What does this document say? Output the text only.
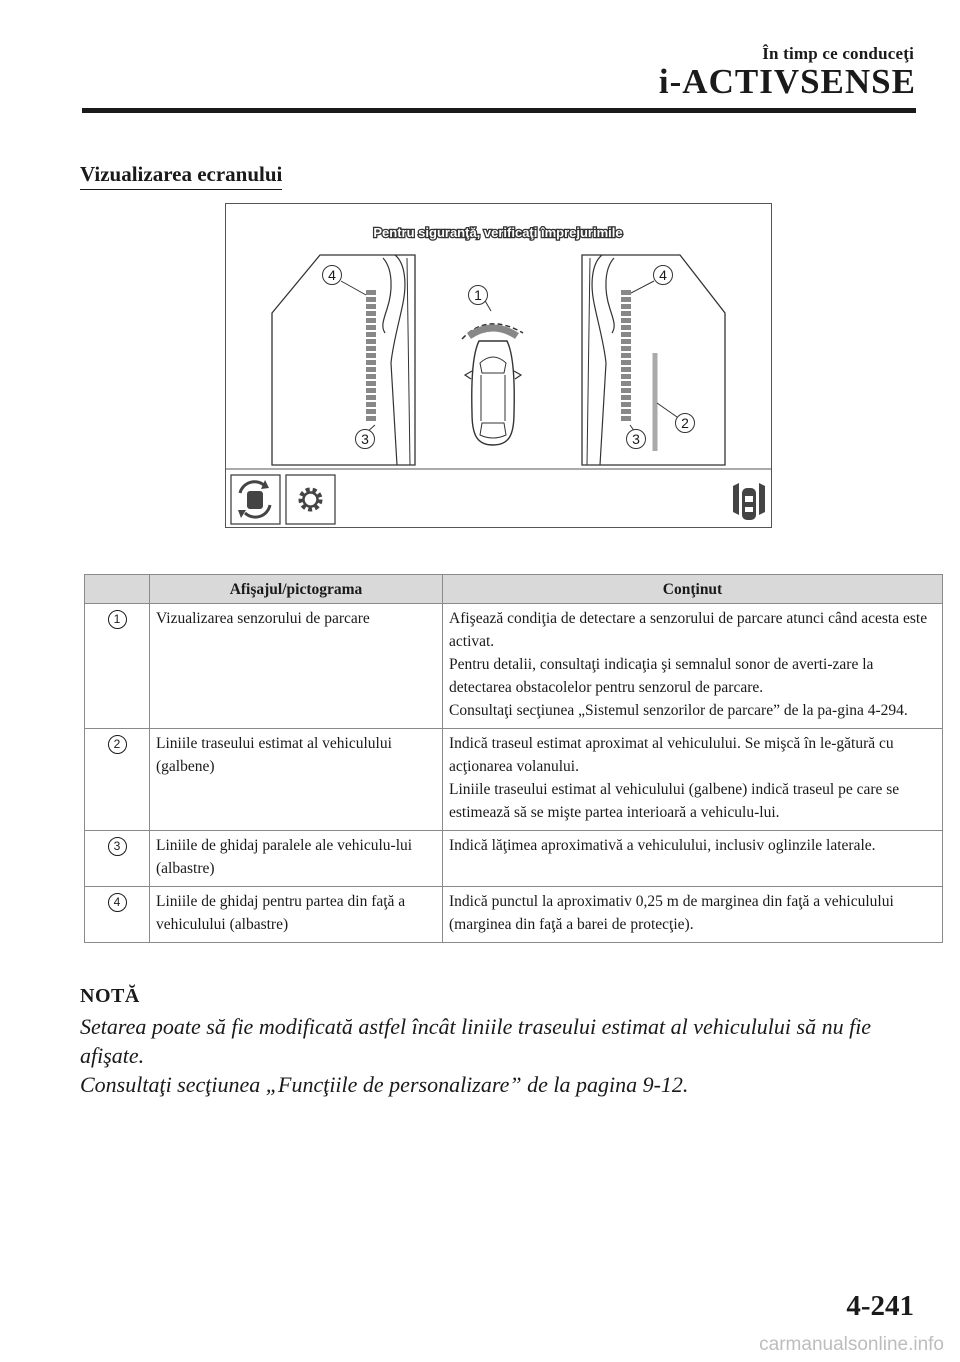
În timp ce conduceţi
i-ACTIVSENSE
Vizualizarea ecranului
Pentru siguranţă, verificaţi împrejurimile
4
3
1
4
2
3
	Afişajul/pictograma	Conţinut
1	Vizualizarea senzorului de parcare	Afişează condiţia de detectare a senzorului de parcare atunci când acesta este activat.
Pentru detalii, consultaţi indicaţia şi semnalul sonor de averti-zare la detectarea obstacolelor pentru senzorul de parcare.
Consultaţi secţiunea „Sistemul senzorilor de parcare” de la pa-gina 4-294.
2	Liniile traseului estimat al vehiculului (galbene)	Indică traseul estimat aproximat al vehiculului. Se mişcă în le-gătură cu acţionarea volanului.
Liniile traseului estimat al vehiculului (galbene) indică traseul pe care se estimează să se mişte partea interioară a vehiculu-lui.
3	Liniile de ghidaj paralele ale vehiculu-lui (albastre)	Indică lăţimea aproximativă a vehiculului, inclusiv oglinzile laterale.
4	Liniile de ghidaj pentru partea din faţă a vehiculului (albastre)	Indică punctul la aproximativ 0,25 m de marginea din faţă a vehiculului (marginea din faţă a barei de protecţie).
NOTĂ

Setarea poate să fie modificată astfel încât liniile traseului estimat al vehiculului să nu fie afişate.

Consultaţi secţiunea „Funcţiile de personalizare” de la pagina 9-12.

4-241
carmanualsonline.info
